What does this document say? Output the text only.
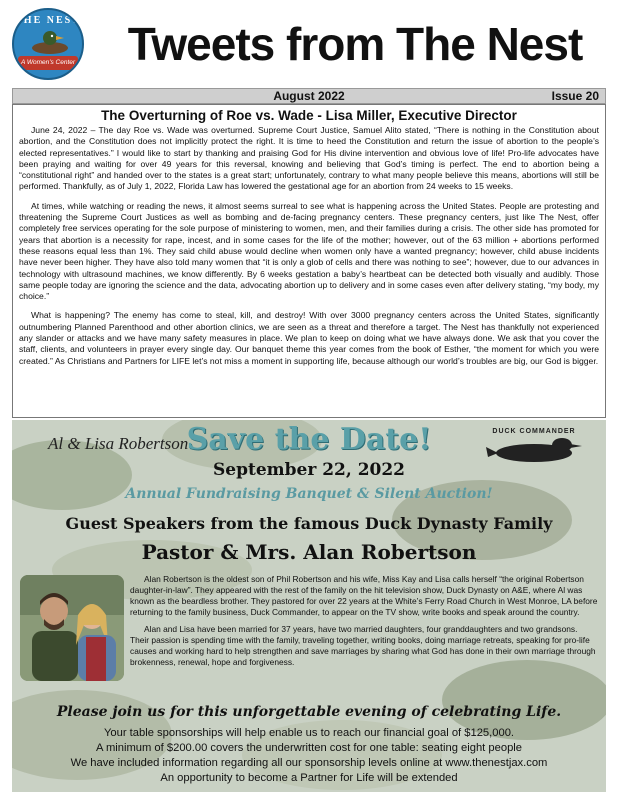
THE NEST
A Women's Center	Tweets from The Nest
August 2022	Issue 20
The Overturning of Roe vs. Wade - Lisa Miller, Executive Director

June 24, 2022 – The day Roe vs. Wade was overturned. Supreme Court Justice, Samuel Alito stated, “There is nothing in the Constitution about abortion, and the Constitution does not implicitly protect the right. It is time to heed the Constitution and return the issue of abortion to the people’s elected representatives.” I would like to start by thanking and praising God for His divine intervention and obvious love of life! Pro-life advocates have been praying and waiting for over 49 years for this reversal, knowing and believing that God’s timing is perfect. The end to abortion being a “constitutional right” and handed over to the states is a great start; unfortunately, contrary to what many people believe this means, abortions will still be performed. Thankfully, as of July 1, 2022, Florida Law has lowered the gestational age for an abortion from 24 weeks to 15 weeks.

At times, while watching or reading the news, it almost seems surreal to see what is happening across the United States. People are protesting and threatening the Supreme Court Justices as well as bombing and de-facing pregnancy centers. These pregnancy centers, just like The Nest, offer completely free services operating for the sole purpose of ministering to women, men, and their families during a crisis. The other side has promoted for years that abortion is a necessity for rape, incest, and in some cases for the life of the mother; however, out of the 63 million + abortions performed these reasons equal less than 1%. They said child abuse would decline when women only have a wanted pregnancy; however, child abuse incidents have never been higher. They have also told many women that “it is only a glob of cells and there was nothing to see”; however, due to our advances in technology with ultrasound machines, we know differently. By 6 weeks gestation a baby’s heartbeat can be detected both visually and audibly. Those same people today are ignoring the science and the data, advocating abortion up to delivery and in some cases even after delivery stating, “my body, my choice.”

What is happening? The enemy has come to steal, kill, and destroy! With over 3000 pregnancy centers across the United States, significantly outnumbering Planned Parenthood and other abortion clinics, we are seen as a threat and therefore a target. The Nest has thankfully not experienced any slander or attacks and we have many safety measures in place. We plan to keep on doing what we have always done. We ask that you cover the staff, clients, and volunteers in prayer every single day. Our banquet theme this year comes from the book of Esther, “the moment for which you were created.” As Christians and Partners for LIFE let’s not miss a moment in supporting life, because although our world’s troubles are big, our God is bigger.

Save the Date!
Al & Lisa Robertson
DUCK COMMANDER
September 22, 2022
Annual Fundraising Banquet & Silent Auction!
Guest Speakers from the famous Duck Dynasty Family
Pastor & Mrs. Alan Robertson

Alan Robertson is the oldest son of Phil Robertson and his wife, Miss Kay and Lisa calls herself “the original Robertson daughter-in-law”. They appeared with the rest of the family on the hit television show, Duck Dynasty on A&E, where Al was known as the beardless brother. They pastored for over 22 years at the White’s Ferry Road Church in West Monroe, LA before returning to the family business, Duck Commander, to appear on the TV show, write books and speak around the country.

Alan and Lisa have been married for 37 years, have two married daughters, four granddaughters and two grandsons. Their passion is spending time with the family, traveling together, writing books, doing marriage retreats, speaking for pro-life causes and working hard to help strengthen and save marriages by sharing what God has done in their own marriage through brokenness, renewal, hope and forgiveness.

Please join us for this unforgettable evening of celebrating Life.
Your table sponsorships will help enable us to reach our financial goal of $125,000.
A minimum of $200.00 covers the underwritten cost for one table: seating eight people
We have included information regarding all our sponsorship levels online at www.thenestjax.com
An opportunity to become a Partner for Life will be extended
